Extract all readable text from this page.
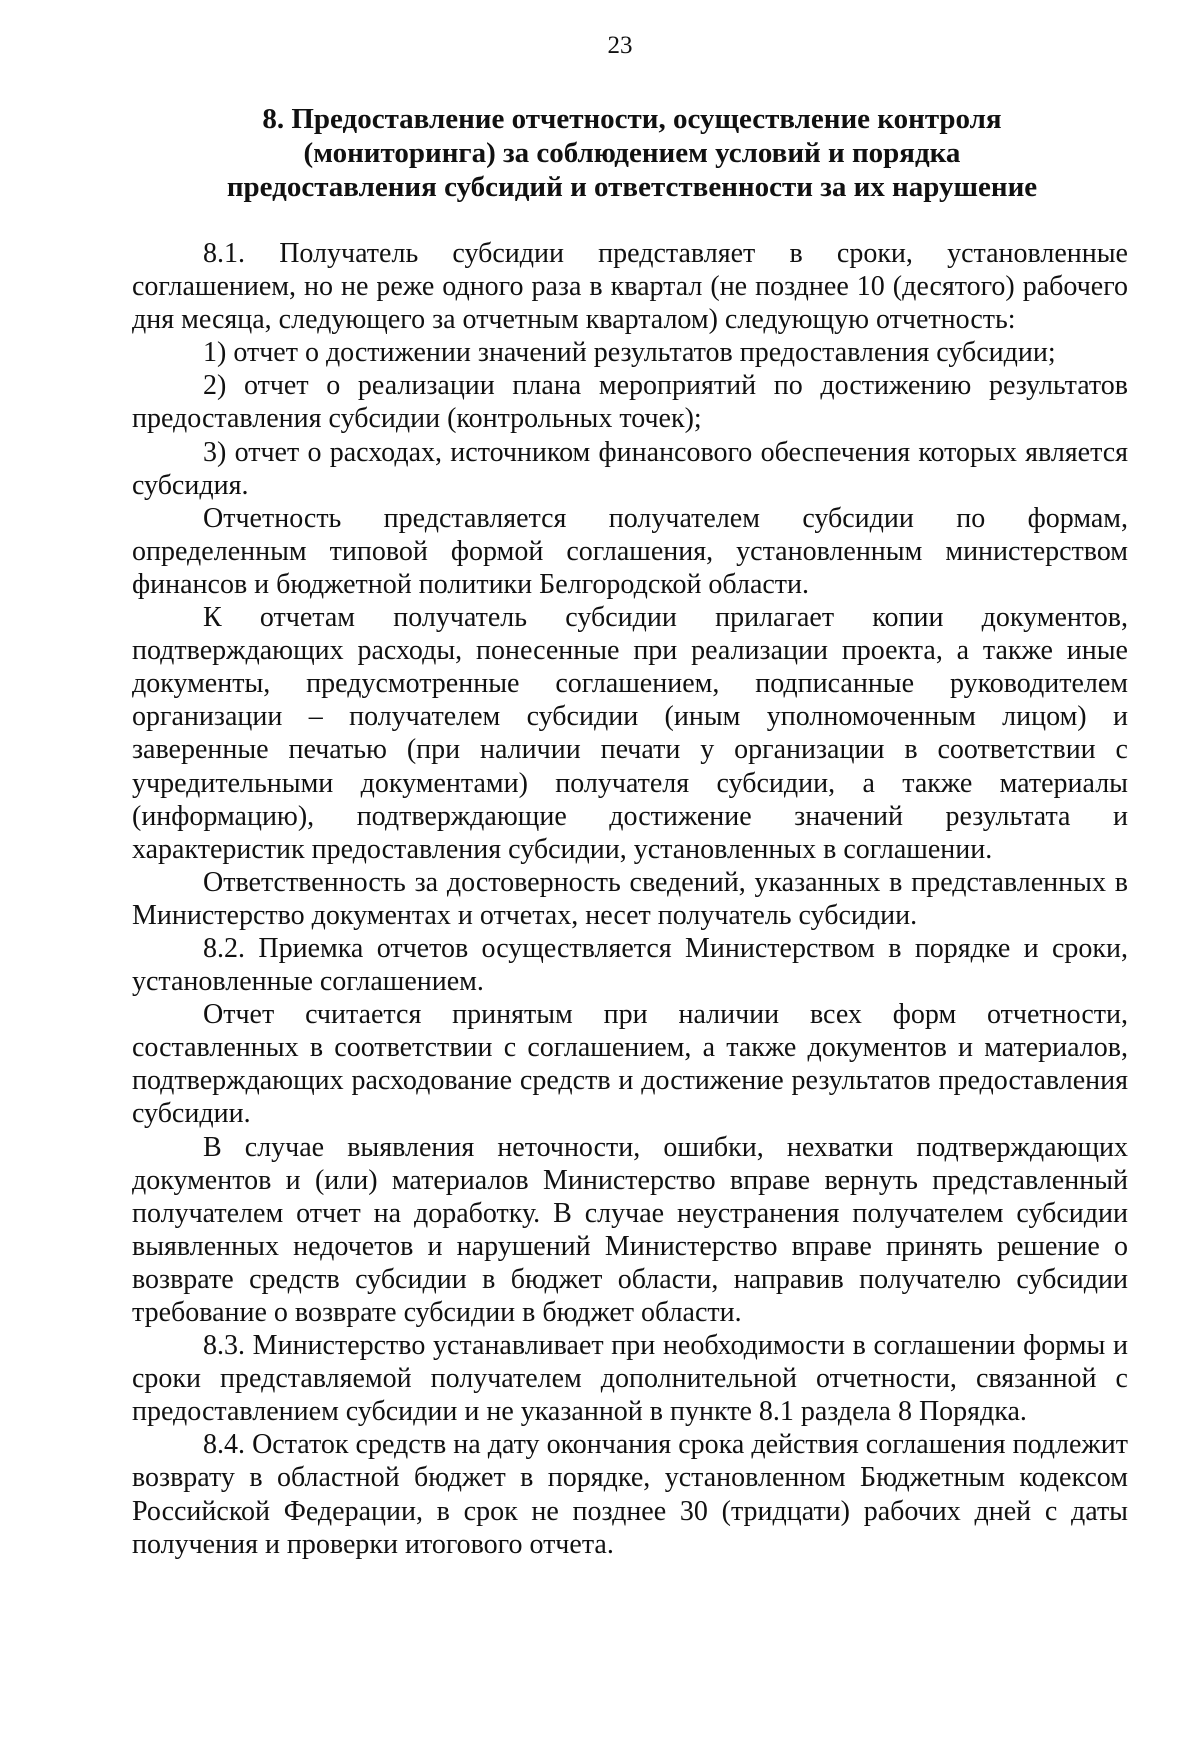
23
8. Предоставление отчетности, осуществление контроля
(мониторинга) за соблюдением условий и порядка
предоставления субсидий и ответственности за их нарушение

8.1. Получатель субсидии представляет в сроки, установленные соглашением, но не реже одного раза в квартал (не позднее 10 (десятого) рабочего дня месяца, следующего за отчетным кварталом) следующую отчетность:

1) отчет о достижении значений результатов предоставления субсидии;

2) отчет о реализации плана мероприятий по достижению результатов предоставления субсидии (контрольных точек);

3) отчет о расходах, источником финансового обеспечения которых является субсидия.

Отчетность представляется получателем субсидии по формам, определенным типовой формой соглашения, установленным министерством финансов и бюджетной политики Белгородской области.

К отчетам получатель субсидии прилагает копии документов, подтверждающих расходы, понесенные при реализации проекта, а также иные документы, предусмотренные соглашением, подписанные руководителем организации – получателем субсидии (иным уполномоченным лицом) и заверенные печатью (при наличии печати у организации в соответствии с учредительными документами) получателя субсидии, а также материалы (информацию), подтверждающие достижение значений результата и характеристик предоставления субсидии, установленных в соглашении.

Ответственность за достоверность сведений, указанных в представленных в Министерство документах и отчетах, несет получатель субсидии.

8.2. Приемка отчетов осуществляется Министерством в порядке и сроки, установленные соглашением.

Отчет считается принятым при наличии всех форм отчетности, составленных в соответствии с соглашением, а также документов и материалов, подтверждающих расходование средств и достижение результатов предоставления субсидии.

В случае выявления неточности, ошибки, нехватки подтверждающих документов и (или) материалов Министерство вправе вернуть представленный получателем отчет на доработку. В случае неустранения получателем субсидии выявленных недочетов и нарушений Министерство вправе принять решение о возврате средств субсидии в бюджет области, направив получателю субсидии требование о возврате субсидии в бюджет области.

8.3. Министерство устанавливает при необходимости в соглашении формы и сроки представляемой получателем дополнительной отчетности, связанной с предоставлением субсидии и не указанной в пункте 8.1 раздела 8 Порядка.

8.4. Остаток средств на дату окончания срока действия соглашения подлежит возврату в областной бюджет в порядке, установленном Бюджетным кодексом Российской Федерации, в срок не позднее 30 (тридцати) рабочих дней с даты получения и проверки итогового отчета.
